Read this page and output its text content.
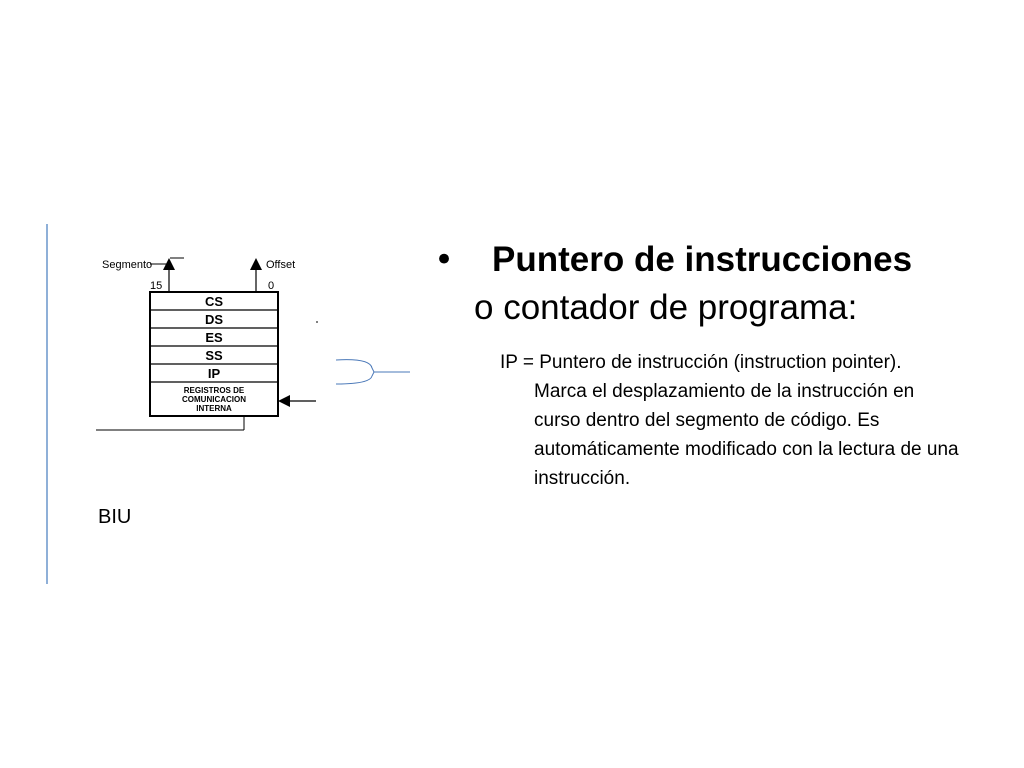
Segmento	Offset
15	0
CS
DS
ES
SS
IP
REGISTROS DE
COMUNICACION
INTERNA
BIU
•	Puntero de instrucciones
o contador de programa:
IP = Puntero de instrucción (instruction pointer).
Marca el desplazamiento de la instrucción en curso dentro del segmento de código. Es automáticamente modificado con la lectura de una instrucción.
